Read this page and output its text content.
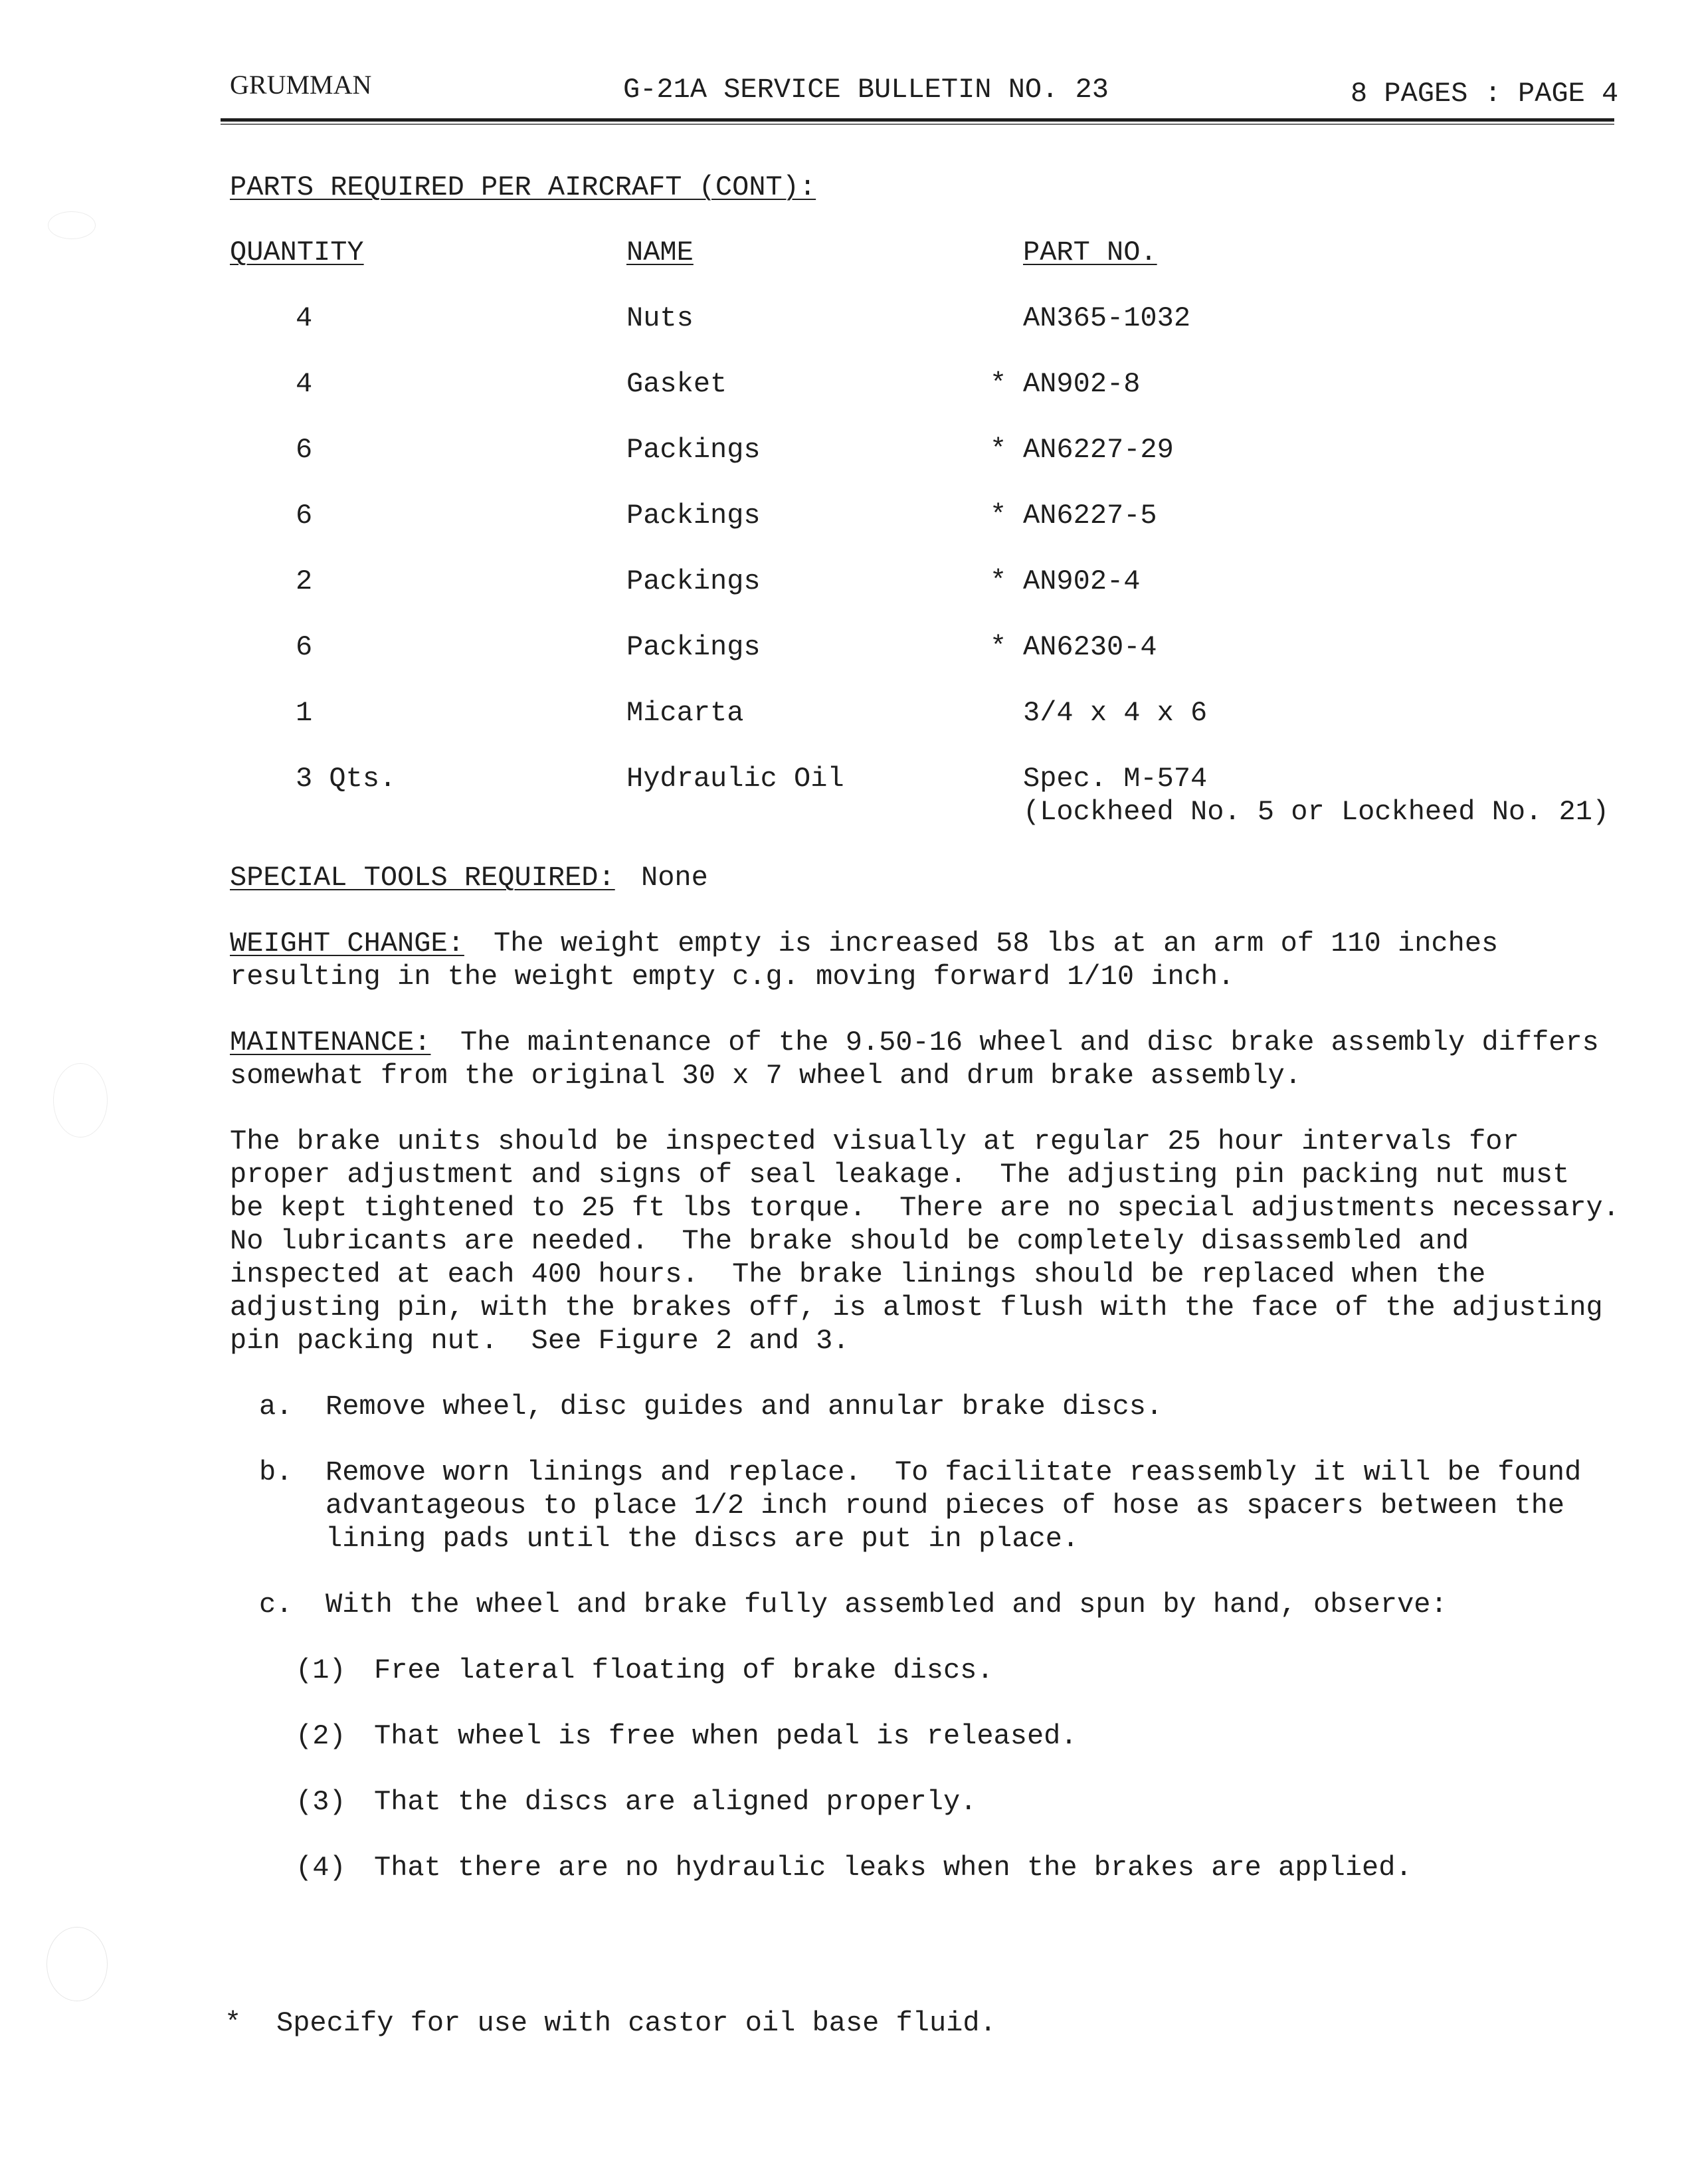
GRUMMAN	G-21A SERVICE BULLETIN NO. 23	8 PAGES : PAGE 4
PARTS REQUIRED PER AIRCRAFT (CONT):
QUANTITY	NAME	PART NO.
4	Nuts	AN365-1032
4	Gasket	* AN902-8
6	Packings	* AN6227-29
6	Packings	* AN6227-5
2	Packings	* AN902-4
6	Packings	* AN6230-4
1	Micarta	3/4 x 4 x 6
3 Qts.	Hydraulic Oil	Spec. M-574
(Lockheed No. 5 or Lockheed No. 21)
SPECIAL TOOLS REQUIRED: None
WEIGHT CHANGE: The weight empty is increased 58 lbs at an arm of 110 inches
resulting in the weight empty c.g. moving forward 1/10 inch.
MAINTENANCE: The maintenance of the 9.50-16 wheel and disc brake assembly differs
somewhat from the original 30 x 7 wheel and drum brake assembly.
The brake units should be inspected visually at regular 25 hour intervals for
proper adjustment and signs of seal leakage.  The adjusting pin packing nut must
be kept tightened to 25 ft lbs torque.  There are no special adjustments necessary.
No lubricants are needed.  The brake should be completely disassembled and
inspected at each 400 hours.  The brake linings should be replaced when the
adjusting pin, with the brakes off, is almost flush with the face of the adjusting
pin packing nut.  See Figure 2 and 3.
a. Remove wheel, disc guides and annular brake discs.
b. Remove worn linings and replace.  To facilitate reassembly it will be found
advantageous to place 1/2 inch round pieces of hose as spacers between the
lining pads until the discs are put in place.
c. With the wheel and brake fully assembled and spun by hand, observe:
(1) Free lateral floating of brake discs.
(2) That wheel is free when pedal is released.
(3) That the discs are aligned properly.
(4) That there are no hydraulic leaks when the brakes are applied.
* Specify for use with castor oil base fluid.
